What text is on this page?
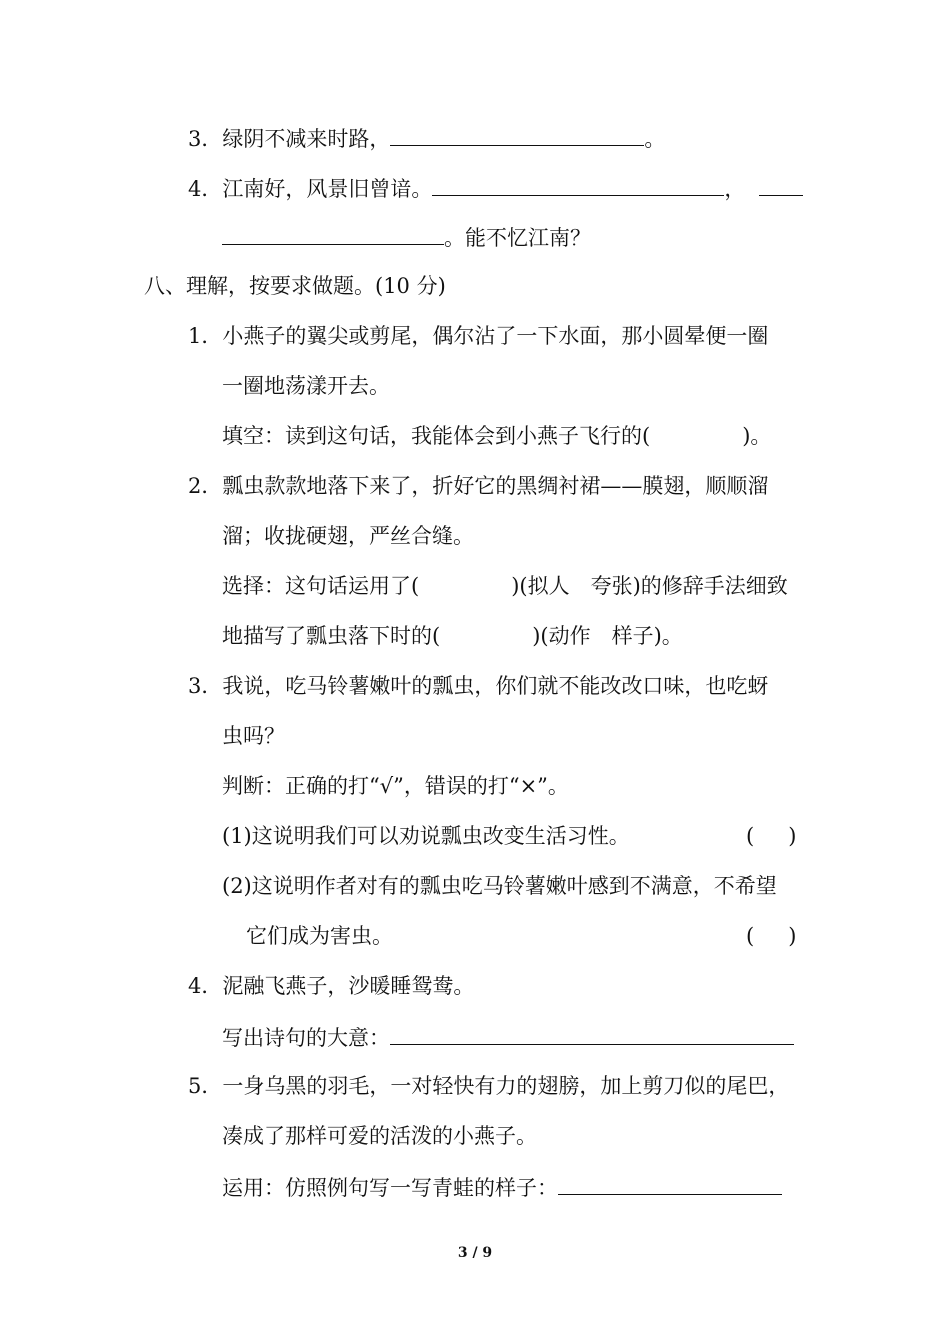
3．绿阴不减来时路，	。
4．江南好，风景旧曾谙。	，
。能不忆江南？
八、理解，按要求做题。(10 分)
1．小燕子的翼尖或剪尾，偶尔沾了一下水面，那小圆晕便一圈
一圈地荡漾开去。
填空：读到这句话，我能体会到小燕子飞行的(	)。
2．瓢虫款款地落下来了，折好它的黑绸衬裙——膜翅，顺顺溜
溜；收拢硬翅，严丝合缝。
选择：这句话运用了(	)(拟人　夸张)的修辞手法细致
地描写了瓢虫落下时的(	)(动作　样子)。
3．我说，吃马铃薯嫩叶的瓢虫，你们就不能改改口味，也吃蚜
虫吗？
判断：正确的打“√”，错误的打“×”。
(1)这说明我们可以劝说瓢虫改变生活习性。	( )
(2)这说明作者对有的瓢虫吃马铃薯嫩叶感到不满意，不希望
它们成为害虫。	( )
4．泥融飞燕子，沙暖睡鸳鸯。
写出诗句的大意：
5．一身乌黑的羽毛，一对轻快有力的翅膀，加上剪刀似的尾巴，
凑成了那样可爱的活泼的小燕子。
运用：仿照例句写一写青蛙的样子：
3 / 9
